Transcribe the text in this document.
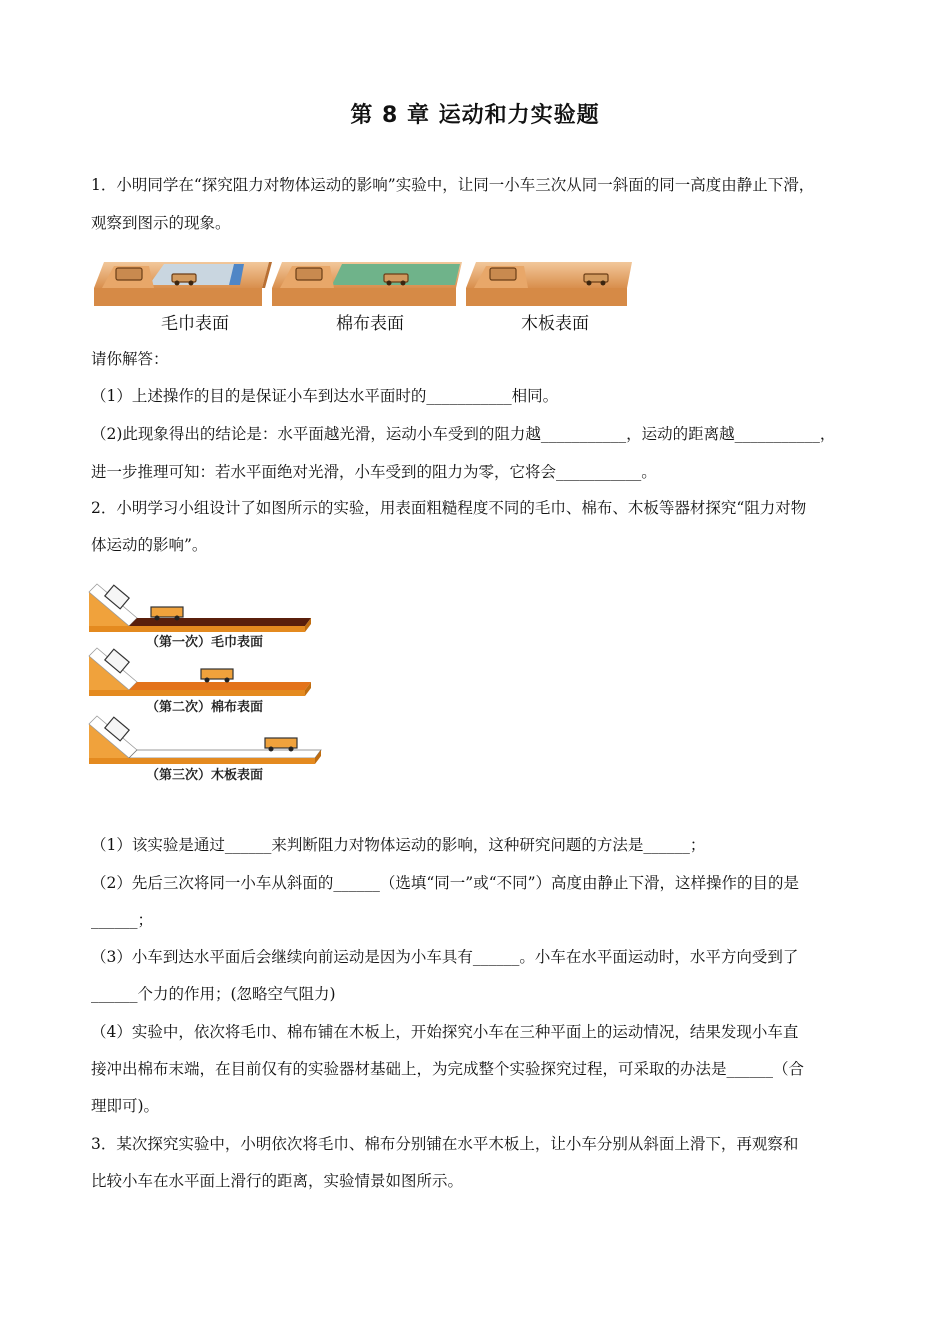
第 8 章 运动和力实验题
1．小明同学在“探究阻力对物体运动的影响”实验中，让同一小车三次从同一斜面的同一高度由静止下滑，
观察到图示的现象。
毛巾表面	棉布表面	木板表面
请你解答：
（1）上述操作的目的是保证小车到达水平面时的___________相同。
（2)此现象得出的结论是：水平面越光滑，运动小车受到的阻力越___________，运动的距离越___________，
进一步推理可知：若水平面绝对光滑，小车受到的阻力为零，它将会___________。
2．小明学习小组设计了如图所示的实验，用表面粗糙程度不同的毛巾、棉布、木板等器材探究“阻力对物
体运动的影响”。
（第一次）毛巾表面
（第二次）棉布表面
（第三次）木板表面
（1）该实验是通过______来判断阻力对物体运动的影响，这种研究问题的方法是______；
（2）先后三次将同一小车从斜面的______（选填“同一”或“不同”）高度由静止下滑，这样操作的目的是
______；
（3）小车到达水平面后会继续向前运动是因为小车具有______。小车在水平面运动时，水平方向受到了
______个力的作用；(忽略空气阻力)
（4）实验中，依次将毛巾、棉布铺在木板上，开始探究小车在三种平面上的运动情况，结果发现小车直
接冲出棉布末端，在目前仅有的实验器材基础上，为完成整个实验探究过程，可采取的办法是______（合
理即可)。
3．某次探究实验中，小明依次将毛巾、棉布分别铺在水平木板上，让小车分别从斜面上滑下，再观察和
比较小车在水平面上滑行的距离，实验情景如图所示。
